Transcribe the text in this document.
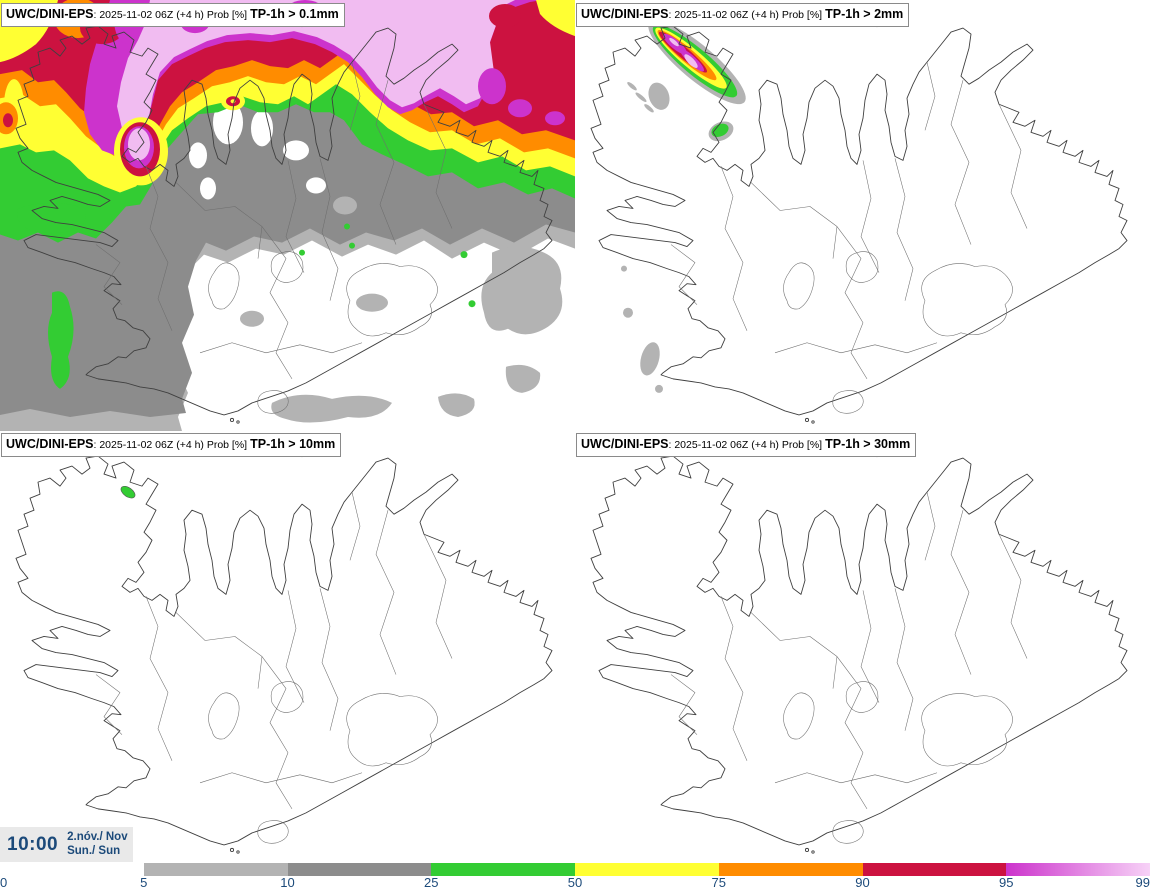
UWC/DINI-EPS: 2025-11-02 06Z (+4 h) Prob [%] TP-1h > 0.1mm	UWC/DINI-EPS: 2025-11-02 06Z (+4 h) Prob [%] TP-1h > 2mm
UWC/DINI-EPS: 2025-11-02 06Z (+4 h) Prob [%] TP-1h > 10mm	UWC/DINI-EPS: 2025-11-02 06Z (+4 h) Prob [%] TP-1h > 30mm
10:00 2.nóv./ Nov
Sun./ Sun
0	5	10	25	50	75	90	95	99
